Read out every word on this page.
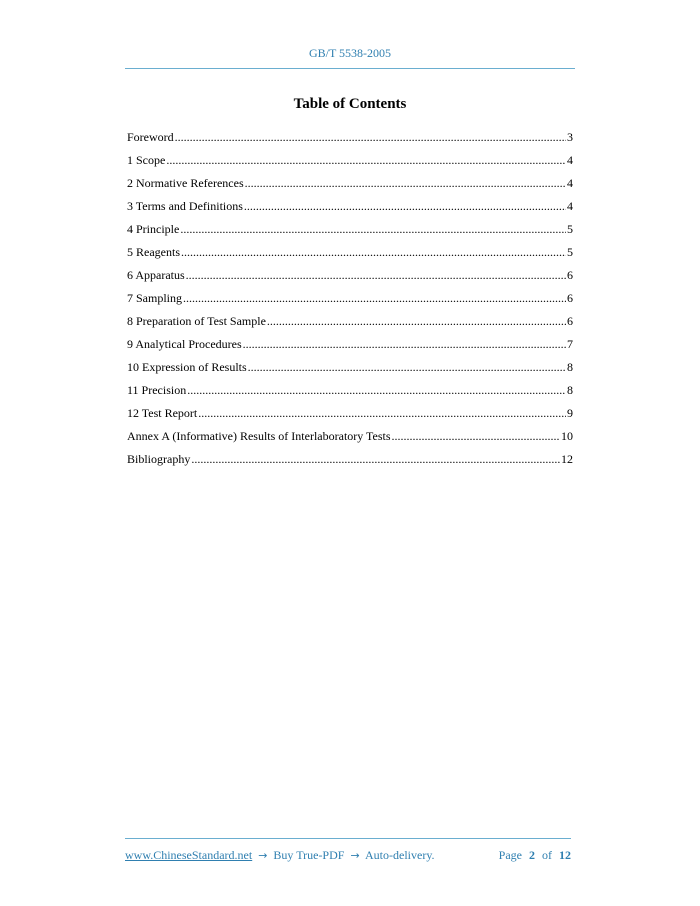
GB/T 5538-2005
Table of Contents
Foreword .....	3
1 Scope .....	4
2 Normative References .....	4
3 Terms and Definitions .....	4
4 Principle .....	5
5 Reagents .....	5
6 Apparatus .....	6
7 Sampling .....	6
8 Preparation of Test Sample .....	6
9 Analytical Procedures .....	7
10 Expression of Results .....	8
11 Precision .....	8
12 Test Report .....	9
Annex A (Informative) Results of Interlaboratory Tests .....	10
Bibliography .....	12
www.ChineseStandard.net → Buy True-PDF → Auto-delivery.	Page 2 of 12
